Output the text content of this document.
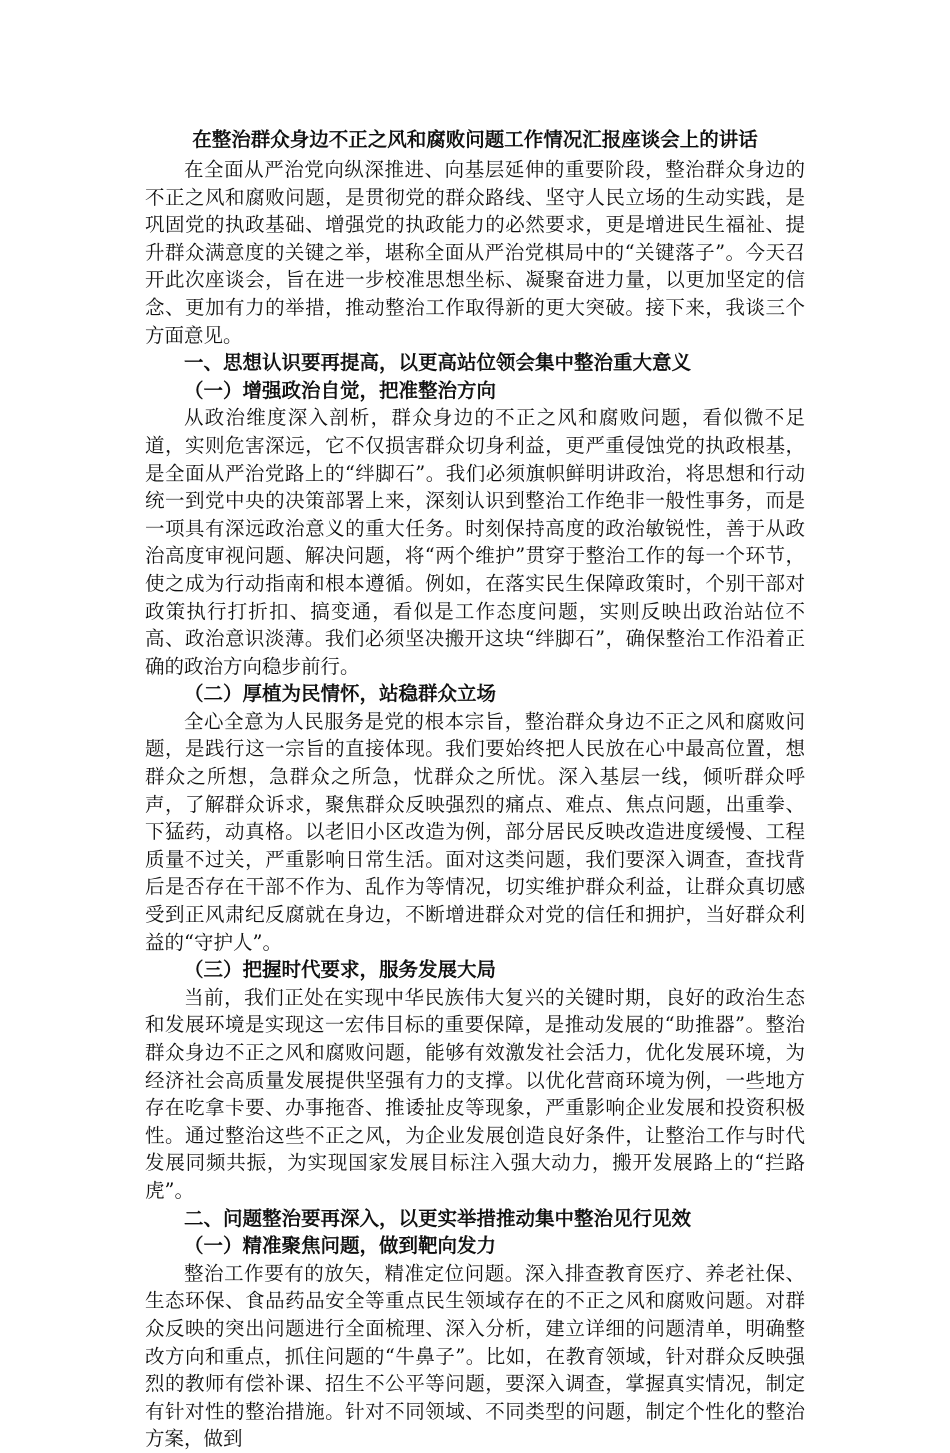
在整治群众身边不正之风和腐败问题工作情况汇报座谈会上的讲话

在全面从严治党向纵深推进、向基层延伸的重要阶段，整治群众身边的不正之风和腐败问题，是贯彻党的群众路线、坚守人民立场的生动实践，是巩固党的执政基础、增强党的执政能力的必然要求，更是增进民生福祉、提升群众满意度的关键之举，堪称全面从严治党棋局中的“关键落子”。今天召开此次座谈会，旨在进一步校准思想坐标、凝聚奋进力量，以更加坚定的信念、更加有力的举措，推动整治工作取得新的更大突破。接下来，我谈三个方面意见。

一、思想认识要再提高，以更高站位领会集中整治重大意义

（一）增强政治自觉，把准整治方向

从政治维度深入剖析，群众身边的不正之风和腐败问题，看似微不足道，实则危害深远，它不仅损害群众切身利益，更严重侵蚀党的执政根基，是全面从严治党路上的“绊脚石”。我们必须旗帜鲜明讲政治，将思想和行动统一到党中央的决策部署上来，深刻认识到整治工作绝非一般性事务，而是一项具有深远政治意义的重大任务。时刻保持高度的政治敏锐性，善于从政治高度审视问题、解决问题，将“两个维护”贯穿于整治工作的每一个环节，使之成为行动指南和根本遵循。例如，在落实民生保障政策时，个别干部对政策执行打折扣、搞变通，看似是工作态度问题，实则反映出政治站位不高、政治意识淡薄。我们必须坚决搬开这块“绊脚石”，确保整治工作沿着正确的政治方向稳步前行。

（二）厚植为民情怀，站稳群众立场

全心全意为人民服务是党的根本宗旨，整治群众身边不正之风和腐败问题，是践行这一宗旨的直接体现。我们要始终把人民放在心中最高位置，想群众之所想，急群众之所急，忧群众之所忧。深入基层一线，倾听群众呼声，了解群众诉求，聚焦群众反映强烈的痛点、难点、焦点问题，出重拳、下猛药，动真格。以老旧小区改造为例，部分居民反映改造进度缓慢、工程质量不过关，严重影响日常生活。面对这类问题，我们要深入调查，查找背后是否存在干部不作为、乱作为等情况，切实维护群众利益，让群众真切感受到正风肃纪反腐就在身边，不断增进群众对党的信任和拥护，当好群众利益的“守护人”。

（三）把握时代要求，服务发展大局

当前，我们正处在实现中华民族伟大复兴的关键时期，良好的政治生态和发展环境是实现这一宏伟目标的重要保障，是推动发展的“助推器”。整治群众身边不正之风和腐败问题，能够有效激发社会活力，优化发展环境，为经济社会高质量发展提供坚强有力的支撑。以优化营商环境为例，一些地方存在吃拿卡要、办事拖沓、推诿扯皮等现象，严重影响企业发展和投资积极性。通过整治这些不正之风，为企业发展创造良好条件，让整治工作与时代发展同频共振，为实现国家发展目标注入强大动力，搬开发展路上的“拦路虎”。

二、问题整治要再深入，以更实举措推动集中整治见行见效

（一）精准聚焦问题，做到靶向发力

整治工作要有的放矢，精准定位问题。深入排查教育医疗、养老社保、生态环保、食品药品安全等重点民生领域存在的不正之风和腐败问题。对群众反映的突出问题进行全面梳理、深入分析，建立详细的问题清单，明确整改方向和重点，抓住问题的“牛鼻子”。比如，在教育领域，针对群众反映强烈的教师有偿补课、招生不公平等问题，要深入调查，掌握真实情况，制定有针对性的整治措施。针对不同领域、不同类型的问题，制定个性化的整治方案，做到
